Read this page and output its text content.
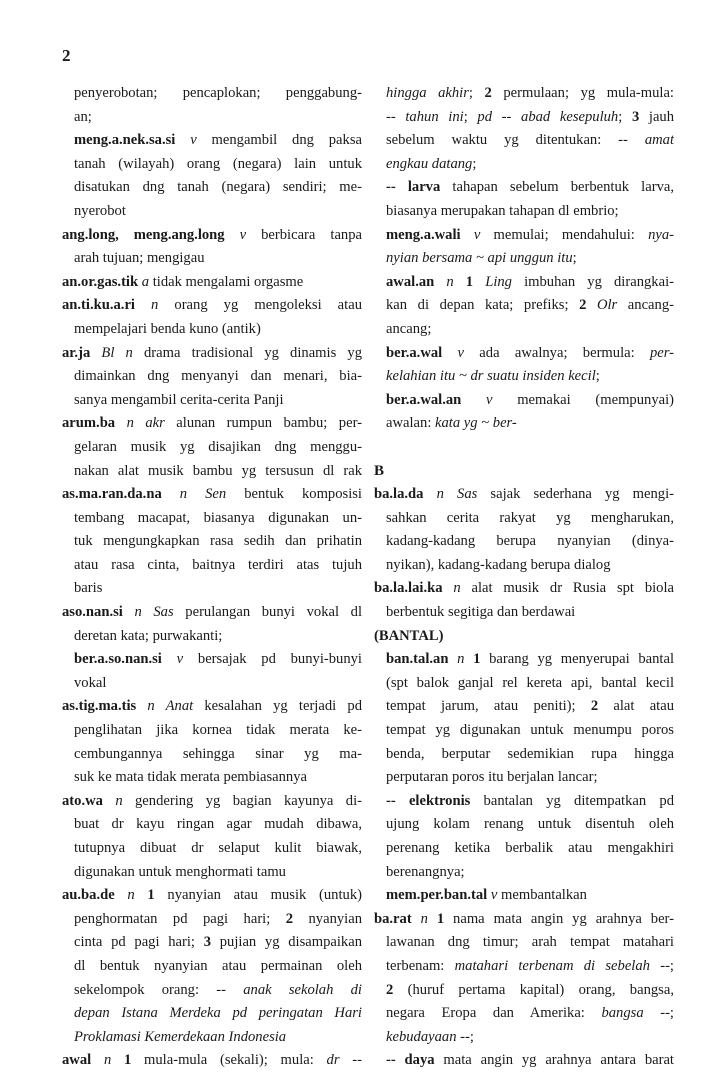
2
penyerobotan; pencaplokan; penggabung-
an;
meng.a.nek.sa.si v mengambil dng paksa
tanah (wilayah) orang (negara) lain untuk
disatukan dng tanah (negara) sendiri; me-
nyerobot
ang.long, meng.ang.long v berbicara tanpa
arah tujuan; mengigau
an.or.gas.tik a tidak mengalami orgasme
an.ti.ku.a.ri n orang yg mengoleksi atau
mempelajari benda kuno (antik)
ar.ja Bl n drama tradisional yg dinamis yg
dimainkan dng menyanyi dan menari, bia-
sanya mengambil cerita-cerita Panji
arum.ba n akr alunan rumpun bambu; per-
gelaran musik yg disajikan dng menggu-
nakan alat musik bambu yg tersusun dl rak
as.ma.ran.da.na n Sen bentuk komposisi
tembang macapat, biasanya digunakan un-
tuk mengungkapkan rasa sedih dan prihatin
atau rasa cinta, baitnya terdiri atas tujuh
baris
aso.nan.si n Sas perulangan bunyi vokal dl
deretan kata; purwakanti;
ber.a.so.nan.si v bersajak pd bunyi-bunyi
vokal
as.tig.ma.tis n Anat kesalahan yg terjadi pd
penglihatan jika kornea tidak merata ke-
cembungannya sehingga sinar yg ma-
suk ke mata tidak merata pembiasannya
ato.wa n gendering yg bagian kayunya di-
buat dr kayu ringan agar mudah dibawa,
tutupnya dibuat dr selaput kulit biawak,
digunakan untuk menghormati tamu
au.ba.de n 1 nyanyian atau musik (untuk)
penghormatan pd pagi hari; 2 nyanyian
cinta pd pagi hari; 3 pujian yg disampaikan
dl bentuk nyanyian atau permainan oleh
sekelompok orang: -- anak sekolah di
depan Istana Merdeka pd peringatan Hari
Proklamasi Kemerdekaan Indonesia
awal n 1 mula-mula (sekali); mula: dr --
hingga akhir; 2 permulaan; yg mula-mula:
-- tahun ini; pd -- abad kesepuluh; 3 jauh
sebelum waktu yg ditentukan: -- amat
engkau datang;
-- larva tahapan sebelum berbentuk larva,
biasanya merupakan tahapan dl embrio;
meng.a.wali v memulai; mendahului: nya-
nyian bersama ~ api unggun itu;
awal.an n 1 Ling imbuhan yg dirangkai-
kan di depan kata; prefiks; 2 Olr ancang-
ancang;
ber.a.wal v ada awalnya; bermula: per-
kelahian itu ~ dr suatu insiden kecil;
ber.a.wal.an v memakai (mempunyai)
awalan: kata yg ~ ber-
B
ba.la.da n Sas sajak sederhana yg mengi-
sahkan cerita rakyat yg mengharukan,
kadang-kadang berupa nyanyian (dinya-
nyikan), kadang-kadang berupa dialog
ba.la.lai.ka n alat musik dr Rusia spt biola
berbentuk segitiga dan berdawai
(BANTAL)
ban.tal.an n 1 barang yg menyerupai bantal
(spt balok ganjal rel kereta api, bantal kecil
tempat jarum, atau peniti); 2 alat atau
tempat yg digunakan untuk menumpu poros
benda, berputar sedemikian rupa hingga
perputaran poros itu berjalan lancar;
-- elektronis bantalan yg ditempatkan pd
ujung kolam renang untuk disentuh oleh
perenang ketika berbalik atau mengakhiri
berenangnya;
mem.per.ban.tal v membantalkan
ba.rat n 1 nama mata angin yg arahnya ber-
lawanan dng timur; arah tempat matahari
terbenam: matahari terbenam di sebelah --;
2 (huruf pertama kapital) orang, bangsa,
negara Eropa dan Amerika: bangsa --;
kebudayaan --;
-- daya mata angin yg arahnya antara barat
